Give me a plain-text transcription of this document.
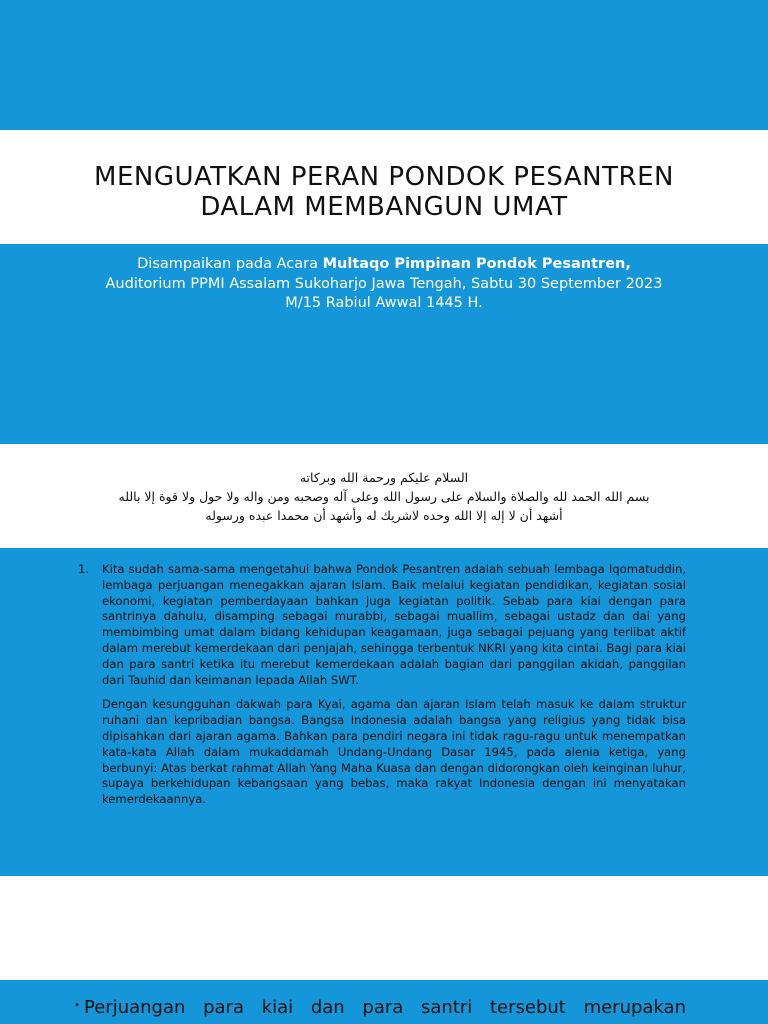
MENGUATKAN PERAN PONDOK PESANTREN
DALAM MEMBANGUN UMAT
Disampaikan pada Acara Multaqo Pimpinan Pondok Pesantren, Auditorium PPMI Assalam Sukoharjo Jawa Tengah, Sabtu 30 September 2023 M/15 Rabiul Awwal 1445 H.
السلام عليكم ورحمة الله وبركاته
بسم الله الحمد لله والصلاة والسلام على رسول الله وعلى آله وصحبه ومن واله ولا حول ولا قوة إلا بالله
أشهد أن لا إله إلا الله وحده لاشريك له وأشهد أن محمدا عبده ورسوله
1.	Kita sudah sama-sama mengetahui bahwa Pondok Pesantren adalah sebuah lembaga Iqomatuddin, lembaga perjuangan menegakkan ajaran Islam. Baik melalui kegiatan pendidikan, kegiatan sosial ekonomi, kegiatan pemberdayaan bahkan juga kegiatan politik. Sebab para kiai dengan para santrinya dahulu, disamping sebagai murabbi, sebagai muallim, sebagai ustadz dan dai yang membimbing umat dalam bidang kehidupan keagamaan, juga sebagai pejuang yang terlibat aktif dalam merebut kemerdekaan dari penjajah, sehingga terbentuk NKRI yang kita cintai. Bagi para kiai dan para santri ketika itu merebut kemerdekaan adalah bagian dari panggilan akidah, panggilan dari Tauhid dan keimanan lepada Allah SWT.

Dengan kesungguhan dakwah para Kyai, agama dan ajaran Islam telah masuk ke dalam struktur ruhani dan kepribadian bangsa. Bangsa Indonesia adalah bangsa yang religius yang tidak bisa dipisahkan dari ajaran agama. Bahkan para pendiri negara ini tidak ragu-ragu untuk menempatkan kata-kata Allah dalam mukaddamah Undang-Undang Dasar 1945, pada alenia ketiga, yang berbunyi: Atas berkat rahmat Allah Yang Maha Kuasa dan dengan didorongkan oleh keinginan luhur, supaya berkehidupan kebangsaan yang bebas, maka rakyat Indonesia dengan ini menyatakan kemerdekaannya.

• Perjuangan para kiai dan para santri tersebut merupakan
